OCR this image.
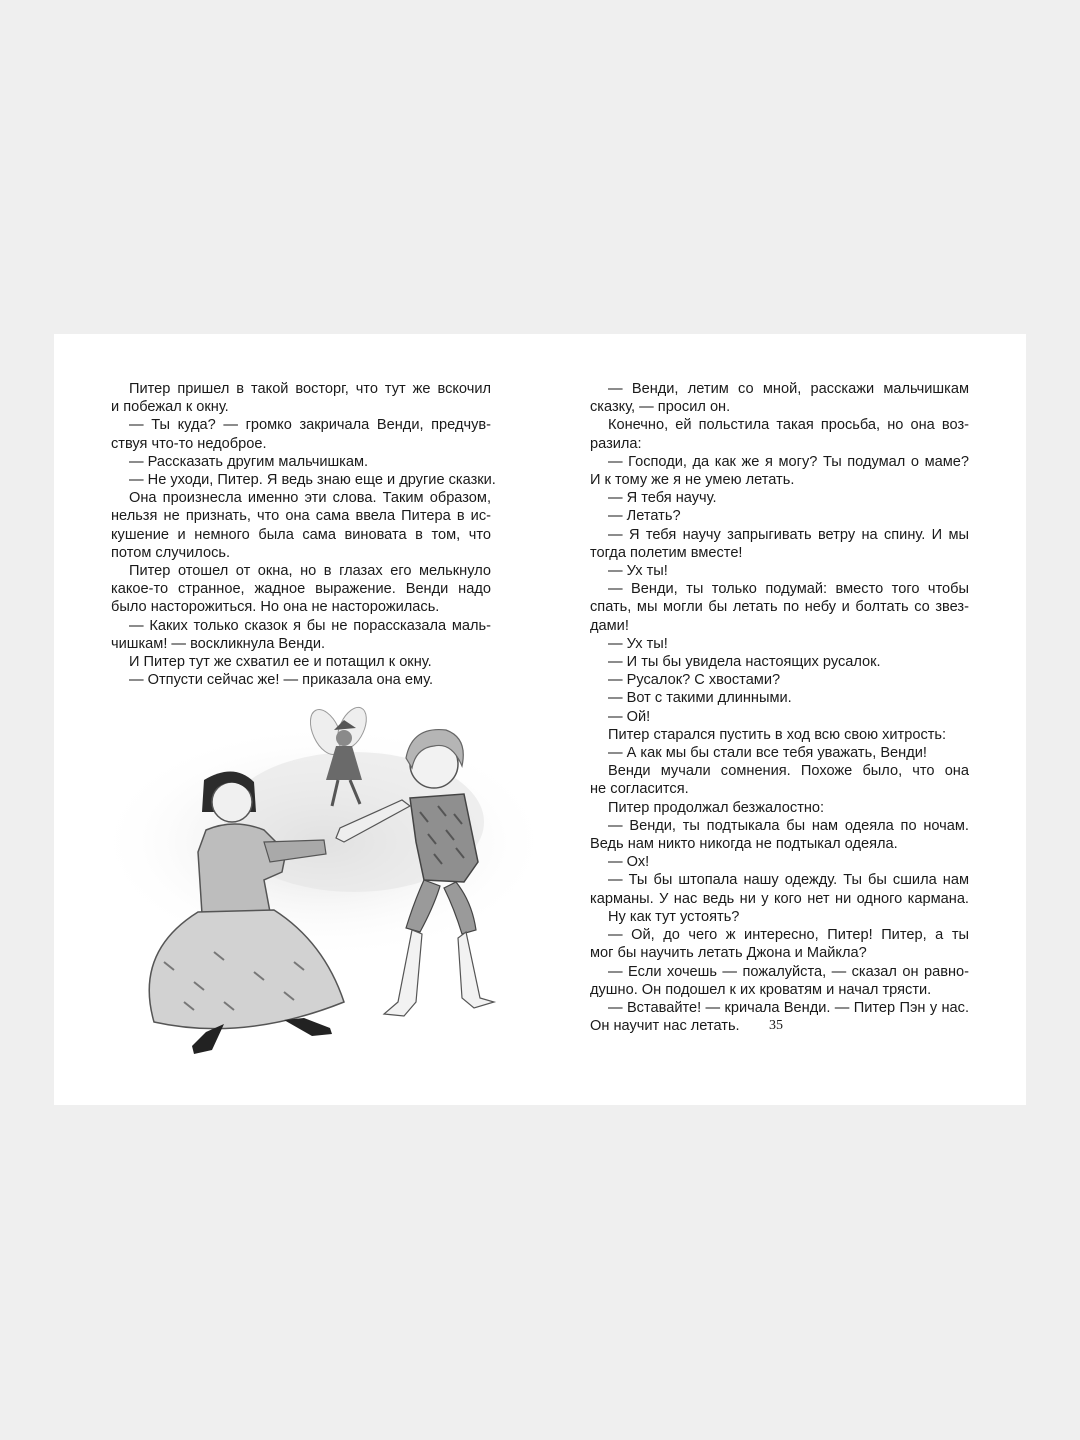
Питер пришел в такой восторг, что тут же вскочил
и побежал к окну.
— Ты куда? — громко закричала Венди, предчув-
ствуя что-то недоброе.
— Рассказать другим мальчишкам.
— Не уходи, Питер. Я ведь знаю еще и другие сказки.
Она произнесла именно эти слова. Таким образом,
нельзя не признать, что она сама ввела Питера в ис-
кушение и немного была сама виновата в том, что
потом случилось.
Питер отошел от окна, но в глазах его мелькнуло
какое-то странное, жадное выражение. Венди надо
было насторожиться. Но она не насторожилась.
— Каких только сказок я бы не порассказала маль-
чишкам! — воскликнула Венди.
И Питер тут же схватил ее и потащил к окну.
— Отпусти сейчас же! — приказала она ему.
— Венди, летим со мной, расскажи мальчишкам
сказку, — просил он.
Конечно, ей польстила такая просьба, но она воз-
разила:
— Господи, да как же я могу? Ты подумал о маме?
И к тому же я не умею летать.
— Я тебя научу.
— Летать?
— Я тебя научу запрыгивать ветру на спину. И мы
тогда полетим вместе!
— Ух ты!
— Венди, ты только подумай: вместо того чтобы
спать, мы могли бы летать по небу и болтать со звез-
дами!
— Ух ты!
— И ты бы увидела настоящих русалок.
— Русалок? С хвостами?
— Вот с такими длинными.
— Ой!
Питер старался пустить в ход всю свою хитрость:
— А как мы бы стали все тебя уважать, Венди!
Венди мучали сомнения. Похоже было, что она
не согласится.
Питер продолжал безжалостно:
— Венди, ты подтыкала бы нам одеяла по ночам.
Ведь нам никто никогда не подтыкал одеяла.
— Ох!
— Ты бы штопала нашу одежду. Ты бы сшила нам
карманы. У нас ведь ни у кого нет ни одного кармана.
Ну как тут устоять?
— Ой, до чего ж интересно, Питер! Питер, а ты
мог бы научить летать Джона и Майкла?
— Если хочешь — пожалуйста, — сказал он равно-
душно. Он подошел к их кроватям и начал трясти.
— Вставайте! — кричала Венди. — Питер Пэн у нас.
Он научит нас летать.	35
